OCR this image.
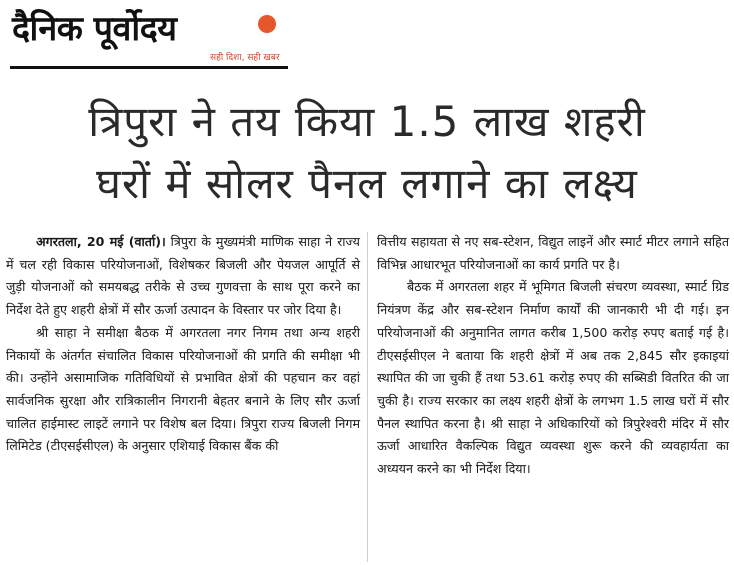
दैनिक पूर्वोदय
सही दिशा, सही खबर
त्रिपुरा ने तय किया 1.5 लाख शहरी
घरों में सोलर पैनल लगाने का लक्ष्य

अगरतला, 20 मई (वार्ता)। त्रिपुरा के मुख्यमंत्री माणिक साहा ने राज्य में चल रही विकास परियोजनाओं, विशेषकर बिजली और पेयजल आपूर्ति से जुड़ी योजनाओं को समयबद्ध तरीके से उच्च गुणवत्ता के साथ पूरा करने का निर्देश देते हुए शहरी क्षेत्रों में सौर ऊर्जा उत्पादन के विस्तार पर जोर दिया है।

श्री साहा ने समीक्षा बैठक में अगरतला नगर निगम तथा अन्य शहरी निकायों के अंतर्गत संचालित विकास परियोजनाओं की प्रगति की समीक्षा भी की। उन्होंने असामाजिक गतिविधियों से प्रभावित क्षेत्रों की पहचान कर वहां सार्वजनिक सुरक्षा और रात्रिकालीन निगरानी बेहतर बनाने के लिए सौर ऊर्जा चालित हाईमास्ट लाइटें लगाने पर विशेष बल दिया। त्रिपुरा राज्य बिजली निगम लिमिटेड (टीएसईसीएल) के अनुसार एशियाई विकास बैंक की

वित्तीय सहायता से नए सब-स्टेशन, विद्युत लाइनें और स्मार्ट मीटर लगाने सहित विभिन्न आधारभूत परियोजनाओं का कार्य प्रगति पर है।

बैठक में अगरतला शहर में भूमिगत बिजली संचरण व्यवस्था, स्मार्ट ग्रिड नियंत्रण केंद्र और सब-स्टेशन निर्माण कार्यों की जानकारी भी दी गई। इन परियोजनाओं की अनुमानित लागत करीब 1,500 करोड़ रुपए बताई गई है। टीएसईसीएल ने बताया कि शहरी क्षेत्रों में अब तक 2,845 सौर इकाइयां स्थापित की जा चुकी हैं तथा 53.61 करोड़ रुपए की सब्सिडी वितरित की जा चुकी है। राज्य सरकार का लक्ष्य शहरी क्षेत्रों के लगभग 1.5 लाख घरों में सौर पैनल स्थापित करना है। श्री साहा ने अधिकारियों को त्रिपुरेश्वरी मंदिर में सौर ऊर्जा आधारित वैकल्पिक विद्युत व्यवस्था शुरू करने की व्यवहार्यता का अध्ययन करने का भी निर्देश दिया।
